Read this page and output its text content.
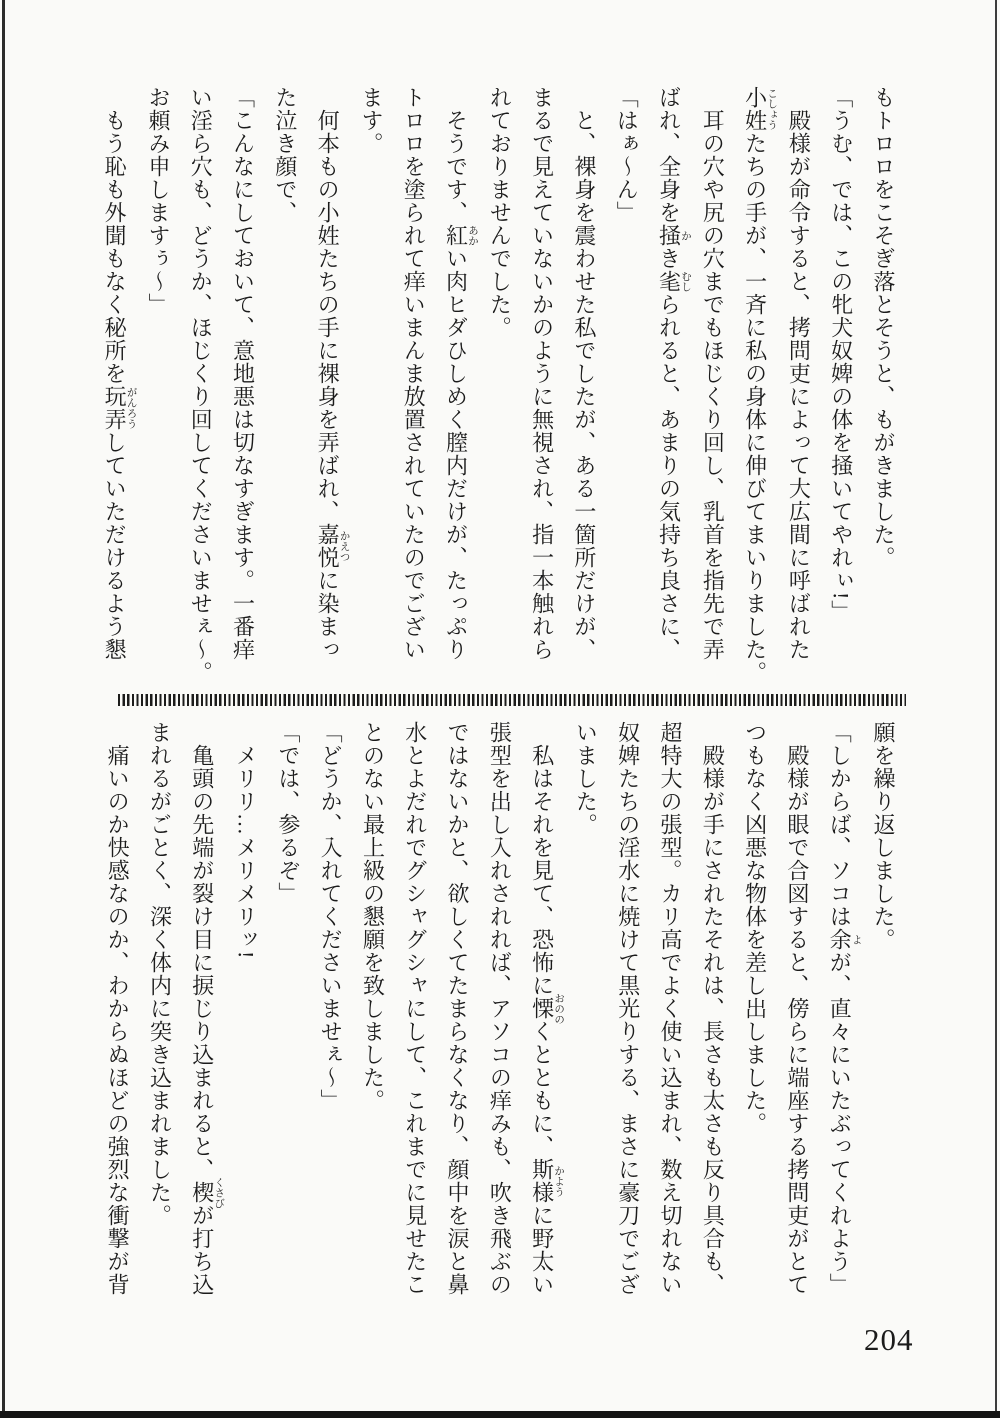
もトロロをこそぎ落とそうと、もがきました。
「うむ、では、この牝犬奴婢の体を掻いてやれぃ!」
　殿様が命令すると、拷問吏によって大広間に呼ばれた
小姓こしょうたちの手が、一斉に私の身体に伸びてまいりました。
　耳の穴や尻の穴までもほじくり回し、乳首を指先で弄
ばれ、全身を掻かき毟むしられると、あまりの気持ち良さに、
「はぁ〜ん」
　と、裸身を震わせた私でしたが、ある一箇所だけが、
まるで見えていないかのように無視され、指一本触れら
れておりませんでした。
　そうです、紅あかい肉ヒダひしめく膣内だけが、たっぷり
トロロを塗られて痒いまんま放置されていたのでござい
ます。
　何本もの小姓たちの手に裸身を弄ばれ、嘉悦かえつに染まっ
た泣き顔で、
「こんなにしておいて、意地悪は切なすぎます。一番痒
い淫ら穴も、どうか、ほじくり回してくださいませぇ〜。
お頼み申しますぅ〜」
　もう恥も外聞もなく秘所を玩弄がんろうしていただけるよう懇
願を繰り返しました。
「しからば、ソコは余よが、直々にいたぶってくれよう」
　殿様が眼で合図すると、傍らに端座する拷問吏がとて
つもなく凶悪な物体を差し出しました。
　殿様が手にされたそれは、長さも太さも反り具合も、
超特大の張型。カリ高でよく使い込まれ、数え切れない
奴婢たちの淫水に焼けて黒光りする、まさに豪刀でござ
いました。
　私はそれを見て、恐怖に慄おののくとともに、斯様かように野太い
張型を出し入れされれば、アソコの痒みも、吹き飛ぶの
ではないかと、欲しくてたまらなくなり、顔中を涙と鼻
水とよだれでグシャグシャにして、これまでに見せたこ
とのない最上級の懇願を致しました。
「どうか、入れてくださいませぇ〜」
「では、参るぞ」
　メリリ…メリメリッ!
　亀頭の先端が裂け目に捩じり込まれると、楔くさびが打ち込
まれるがごとく、深く体内に突き込まれました。
　痛いのか快感なのか、わからぬほどの強烈な衝撃が背
204
